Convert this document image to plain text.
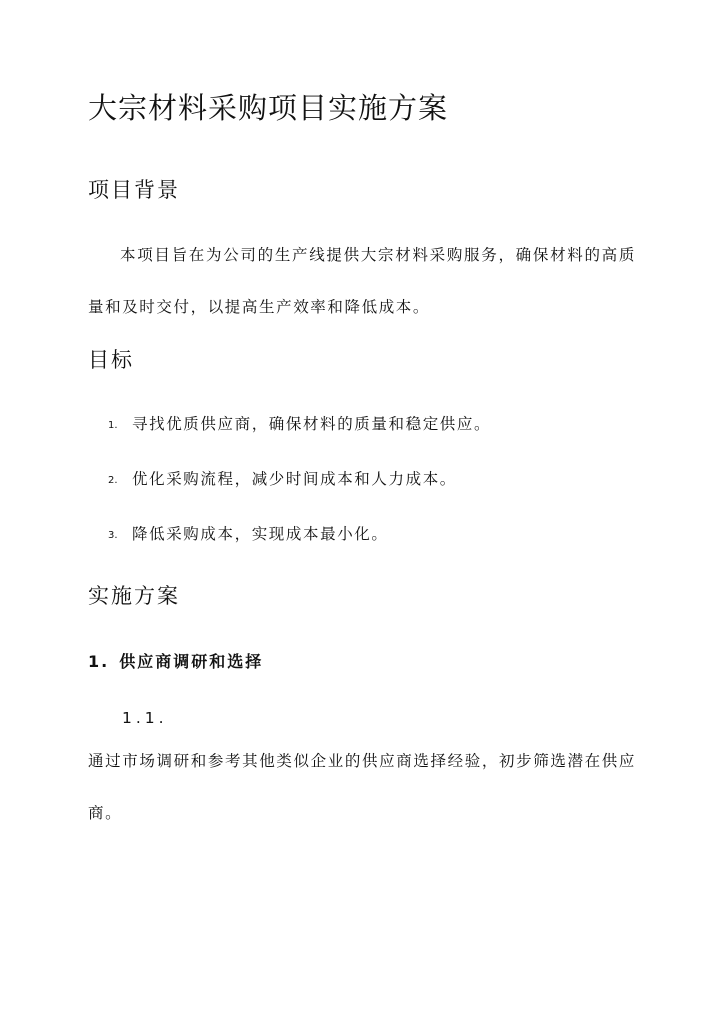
大宗材料采购项目实施方案
项目背景
本项目旨在为公司的生产线提供大宗材料采购服务，确保材料的高质量和及时交付，以提高生产效率和降低成本。
目标
1. 寻找优质供应商，确保材料的质量和稳定供应。
2. 优化采购流程，减少时间成本和人力成本。
3. 降低采购成本，实现成本最小化。
实施方案
1. 供应商调研和选择
1.1.
通过市场调研和参考其他类似企业的供应商选择经验，初步筛选潜在供应商。
